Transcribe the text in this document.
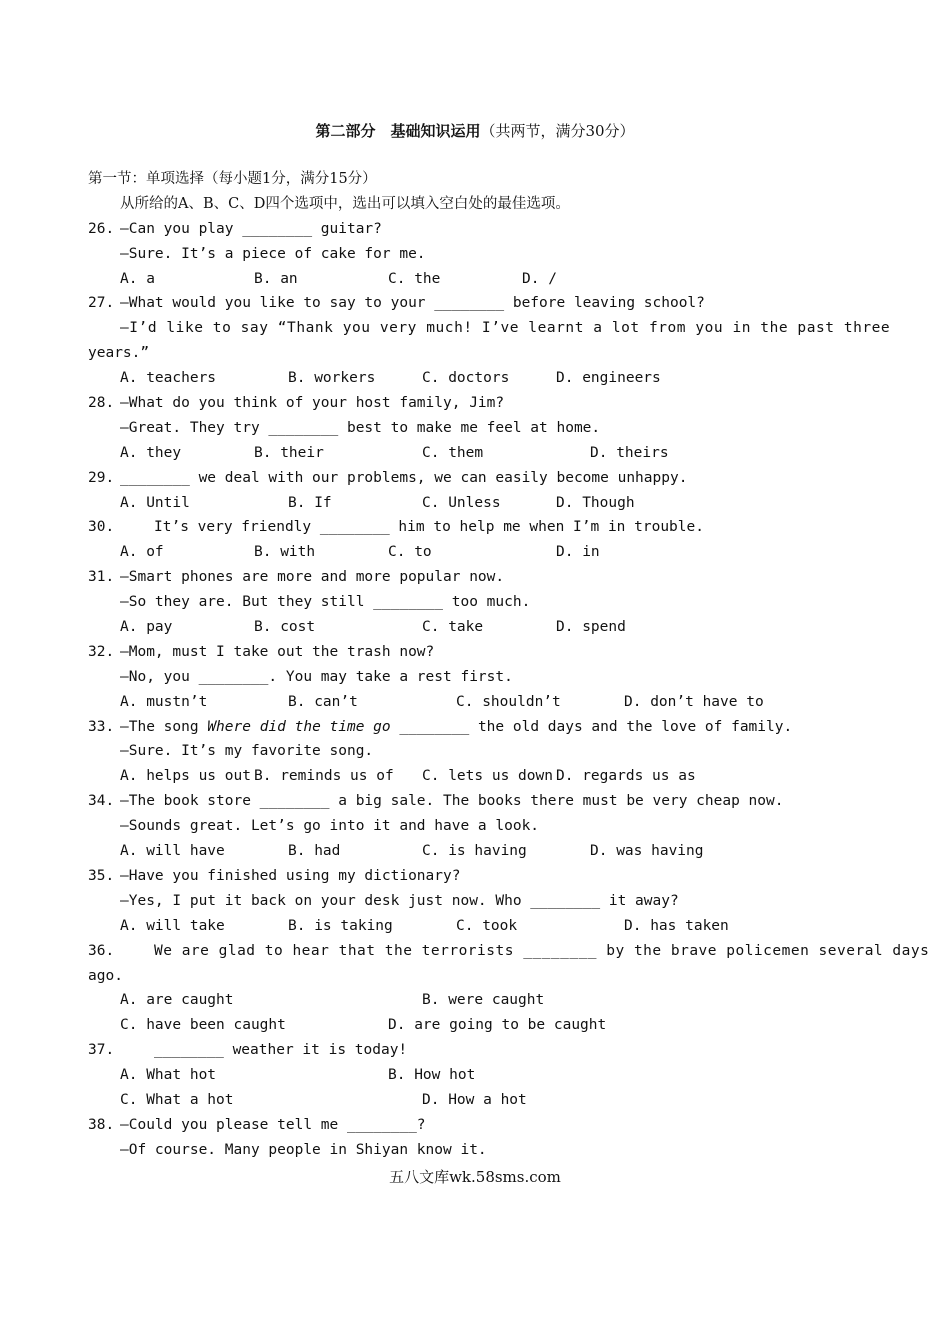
第二部分　基础知识运用（共两节，满分30分）
第一节：单项选择（每小题1分，满分15分）
从所给的A、B、C、D四个选项中，选出可以填入空白处的最佳选项。
26. —Can you play ________ guitar?
—Sure. It’s a piece of cake for me.
A. a	B. an	C. the	D. /
27. —What would you like to say to your ________ before leaving school?
—I’d like to say “Thank you very much! I’ve learnt a lot from you in the past three
years.”
A. teachers	B. workers	C. doctors	D. engineers
28. —What do you think of your host family, Jim?
—Great. They try ________ best to make me feel at home.
A. they	B. their	C. them	D. theirs
29. ________ we deal with our problems, we can easily become unhappy.
A. Until	B. If	C. Unless	D. Though
30.	It’s very friendly ________ him to help me when I’m in trouble.
A. of	B. with	C. to	D. in
31. —Smart phones are more and more popular now.
—So they are. But they still ________ too much.
A. pay	B. cost	C. take	D. spend
32. —Mom, must I take out the trash now?
—No, you ________. You may take a rest first.
A. mustn’t	B. can’t	C. shouldn’t	D. don’t have to
33. —The song Where did the time go ________ the old days and the love of family.
—Sure. It’s my favorite song.
A. helps us out B. reminds us of C. lets us down D. regards us as
34. —The book store ________ a big sale. The books there must be very cheap now.
—Sounds great. Let’s go into it and have a look.
A. will have	B. had	C. is having	D. was having
35. —Have you finished using my dictionary?
—Yes, I put it back on your desk just now. Who ________ it away?
A. will take	B. is taking	C. took	D. has taken
36.	We are glad to hear that the terrorists ________ by the brave policemen several days
ago.
A. are caught	B. were caught
C. have been caught	D. are going to be caught
37.	________ weather it is today!
A. What hot	B. How hot
C. What a hot	D. How a hot
38. —Could you please tell me ________?
—Of course. Many people in Shiyan know it.
五八文库wk.58sms.com
